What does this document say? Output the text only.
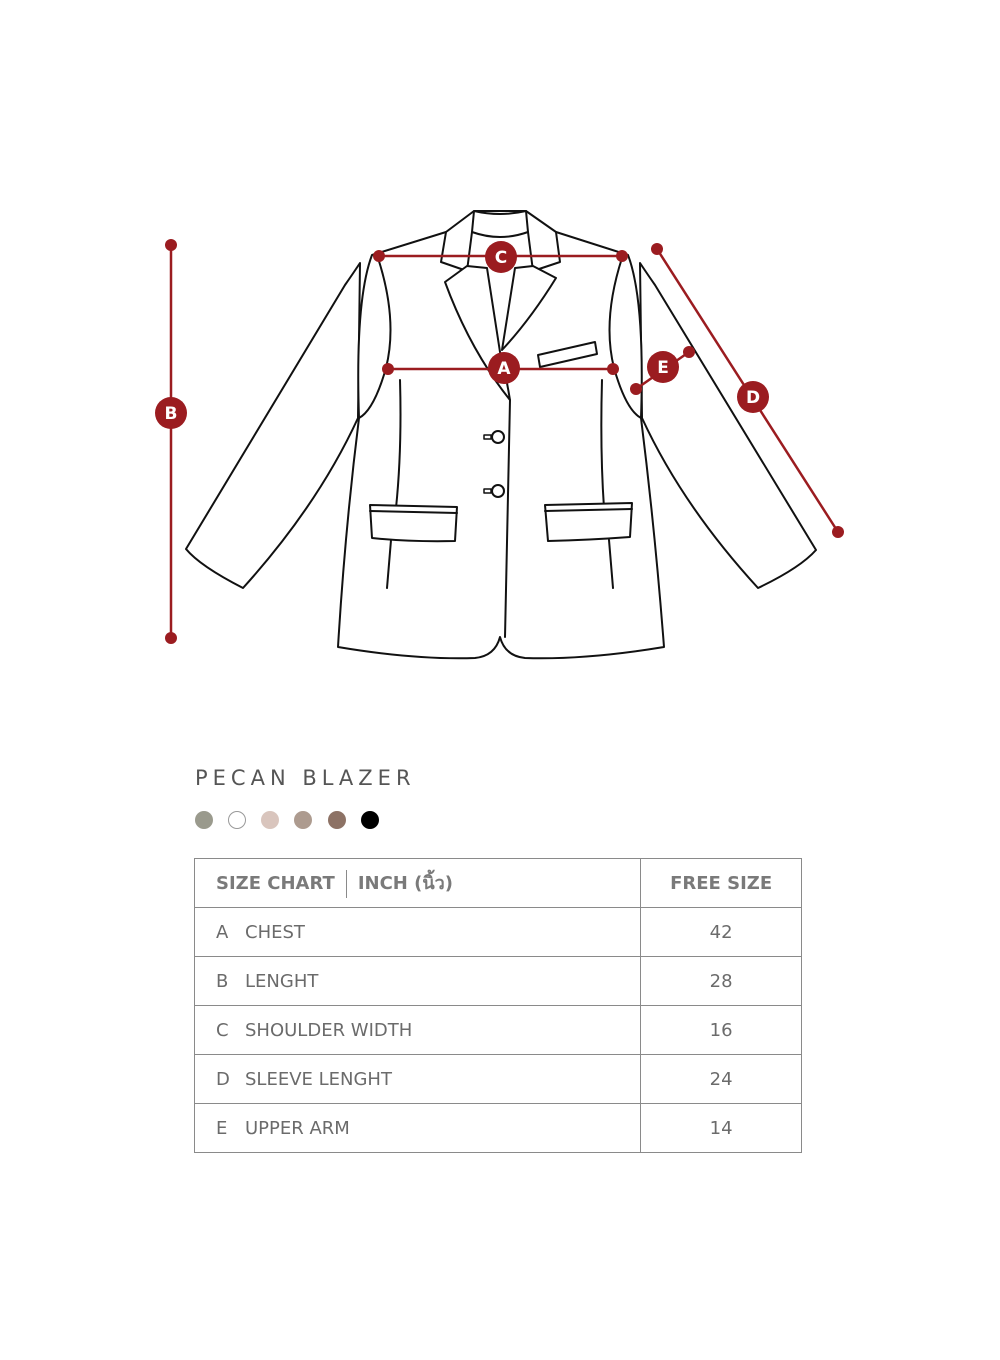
C
A
B
D
E
PECAN BLAZER
SIZE CHART INCH (นิ้ว)	FREE SIZE
A CHEST	42
B LENGHT	28
C SHOULDER WIDTH	16
D SLEEVE LENGHT	24
E UPPER ARM	14
